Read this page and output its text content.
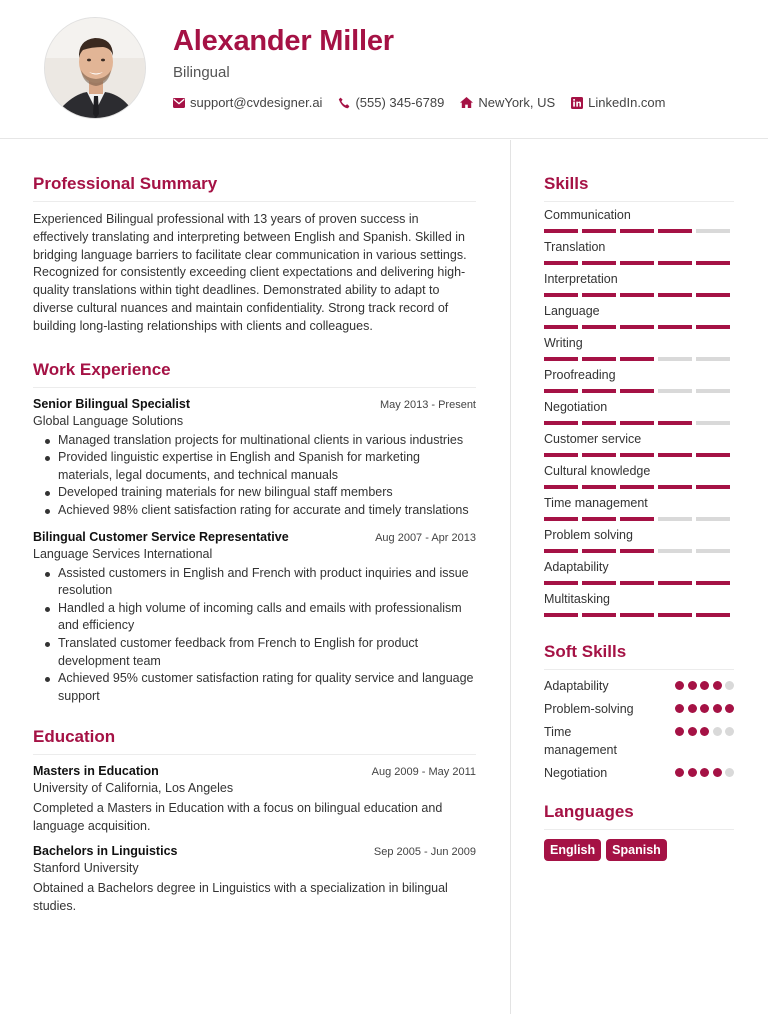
Alexander Miller
Bilingual
support@cvdesigner.ai	(555) 345-6789	NewYork, US	LinkedIn.com
Professional Summary

Experienced Bilingual professional with 13 years of proven success in effectively translating and interpreting between English and Spanish. Skilled in bridging language barriers to facilitate clear communication in various settings. Recognized for consistently exceeding client expectations and delivering high-quality translations within tight deadlines. Demonstrated ability to adapt to diverse cultural nuances and maintain confidentiality. Strong track record of building long-lasting relationships with clients and colleagues.

Work Experience
Senior Bilingual Specialist	May 2013 - Present
Global Language Solutions
Managed translation projects for multinational clients in various industries
Provided linguistic expertise in English and Spanish for marketing materials, legal documents, and technical manuals
Developed training materials for new bilingual staff members
Achieved 98% client satisfaction rating for accurate and timely translations
Bilingual Customer Service Representative	Aug 2007 - Apr 2013
Language Services International
Assisted customers in English and French with product inquiries and issue resolution
Handled a high volume of incoming calls and emails with professionalism and efficiency
Translated customer feedback from French to English for product development team
Achieved 95% customer satisfaction rating for quality service and language support
Education
Masters in Education	Aug 2009 - May 2011
University of California, Los Angeles

Completed a Masters in Education with a focus on bilingual education and language acquisition.

Bachelors in Linguistics	Sep 2005 - Jun 2009
Stanford University

Obtained a Bachelors degree in Linguistics with a specialization in bilingual studies.

Skills
Communication
Translation
Interpretation
Language
Writing
Proofreading
Negotiation
Customer service
Cultural knowledge
Time management
Problem solving
Adaptability
Multitasking
Soft Skills
Adaptability
Problem-solving
Time management
Negotiation
Languages
English	Spanish
